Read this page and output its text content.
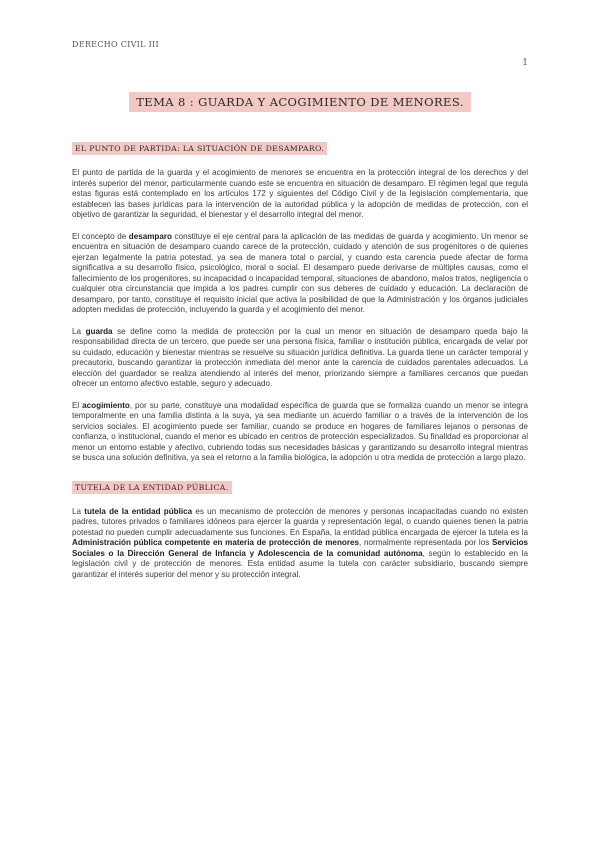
DERECHO CIVIL III
1
TEMA 8 : GUARDA Y ACOGIMIENTO DE MENORES.
EL PUNTO DE PARTIDA: LA SITUACIÓN DE DESAMPARO.

El punto de partida de la guarda y el acogimiento de menores se encuentra en la protección integral de los derechos y del interés superior del menor, particularmente cuando este se encuentra en situación de desamparo. El régimen legal que regula estas figuras está contemplado en los artículos 172 y siguientes del Código Civil y de la legislación complementaria, que establecen las bases jurídicas para la intervención de la autoridad pública y la adopción de medidas de protección, con el objetivo de garantizar la seguridad, el bienestar y el desarrollo integral del menor.

El concepto de desamparo constituye el eje central para la aplicación de las medidas de guarda y acogimiento. Un menor se encuentra en situación de desamparo cuando carece de la protección, cuidado y atención de sus progenitores o de quienes ejerzan legalmente la patria potestad, ya sea de manera total o parcial, y cuando esta carencia puede afectar de forma significativa a su desarrollo físico, psicológico, moral o social. El desamparo puede derivarse de múltiples causas, como el fallecimiento de los progenitores, su incapacidad o incapacidad temporal, situaciones de abandono, malos tratos, negligencia o cualquier otra circunstancia que impida a los padres cumplir con sus deberes de cuidado y educación. La declaración de desamparo, por tanto, constituye el requisito inicial que activa la posibilidad de que la Administración y los órganos judiciales adopten medidas de protección, incluyendo la guarda y el acogimiento del menor.

La guarda se define como la medida de protección por la cual un menor en situación de desamparo queda bajo la responsabilidad directa de un tercero, que puede ser una persona física, familiar o institución pública, encargada de velar por su cuidado, educación y bienestar mientras se resuelve su situación jurídica definitiva. La guarda tiene un carácter temporal y precautorio, buscando garantizar la protección inmediata del menor ante la carencia de cuidados parentales adecuados. La elección del guardador se realiza atendiendo al interés del menor, priorizando siempre a familiares cercanos que puedan ofrecer un entorno afectivo estable, seguro y adecuado.

El acogimiento, por su parte, constituye una modalidad específica de guarda que se formaliza cuando un menor se integra temporalmente en una familia distinta a la suya, ya sea mediante un acuerdo familiar o a través de la intervención de los servicios sociales. El acogimiento puede ser familiar, cuando se produce en hogares de familiares lejanos o personas de confianza, o institucional, cuando el menor es ubicado en centros de protección especializados. Su finalidad es proporcionar al menor un entorno estable y afectivo, cubriendo todas sus necesidades básicas y garantizando su desarrollo integral mientras se busca una solución definitiva, ya sea el retorno a la familia biológica, la adopción u otra medida de protección a largo plazo.

TUTELA DE LA ENTIDAD PÚBLICA.

La tutela de la entidad pública es un mecanismo de protección de menores y personas incapacitadas cuando no existen padres, tutores privados o familiares idóneos para ejercer la guarda y representación legal, o cuando quienes tienen la patria potestad no pueden cumplir adecuadamente sus funciones. En España, la entidad pública encargada de ejercer la tutela es la Administración pública competente en materia de protección de menores, normalmente representada por los Servicios Sociales o la Dirección General de Infancia y Adolescencia de la comunidad autónoma, según lo establecido en la legislación civil y de protección de menores. Esta entidad asume la tutela con carácter subsidiario, buscando siempre garantizar el interés superior del menor y su protección integral.
